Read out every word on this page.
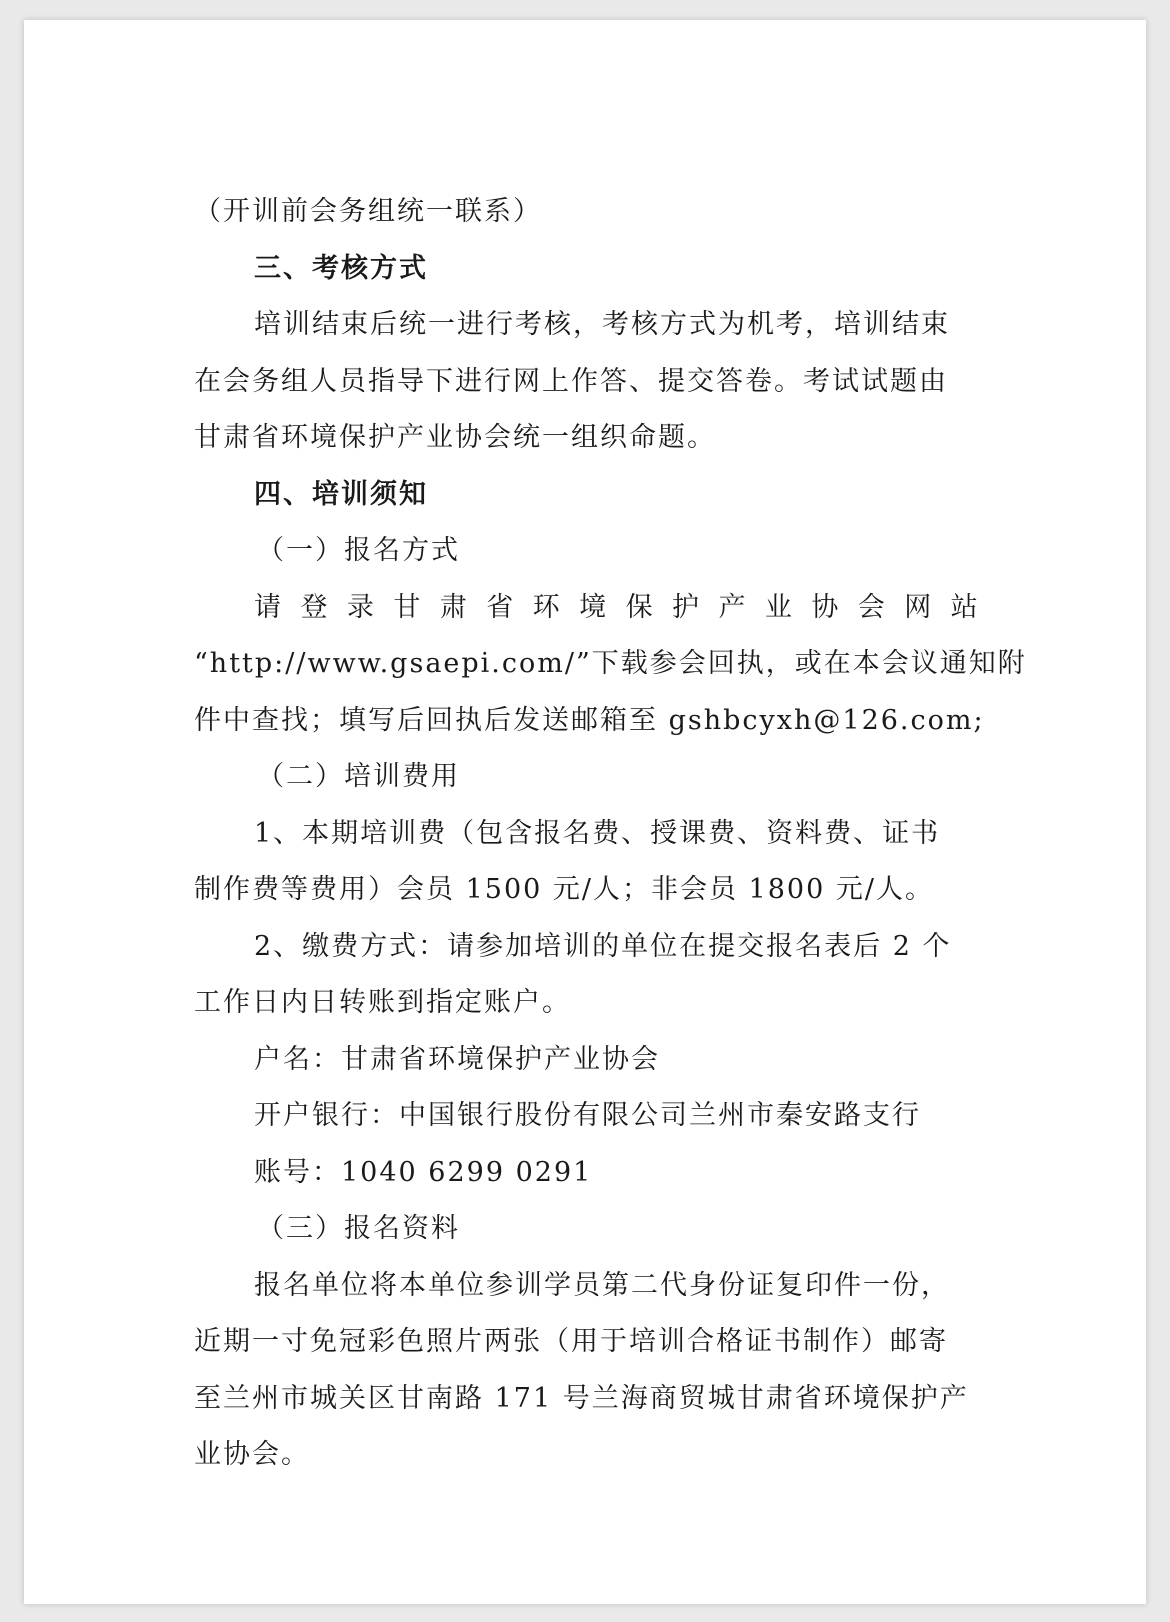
（开训前会务组统一联系）

三、考核方式

培训结束后统一进行考核，考核方式为机考，培训结束

在会务组人员指导下进行网上作答、提交答卷。考试试题由

甘肃省环境保护产业协会统一组织命题。

四、培训须知

（一）报名方式

请登录甘肃省环境保护产业协会网站

“http://www.gsaepi.com/”下载参会回执，或在本会议通知附

件中查找；填写后回执后发送邮箱至 gshbcyxh@126.com;

（二）培训费用

1、本期培训费（包含报名费、授课费、资料费、证书

制作费等费用）会员 1500 元/人；非会员 1800 元/人。

2、缴费方式：请参加培训的单位在提交报名表后 2 个

工作日内日转账到指定账户。

户名：甘肃省环境保护产业协会

开户银行：中国银行股份有限公司兰州市秦安路支行

账号：1040 6299 0291

（三）报名资料

报名单位将本单位参训学员第二代身份证复印件一份，

近期一寸免冠彩色照片两张（用于培训合格证书制作）邮寄

至兰州市城关区甘南路 171 号兰海商贸城甘肃省环境保护产

业协会。
